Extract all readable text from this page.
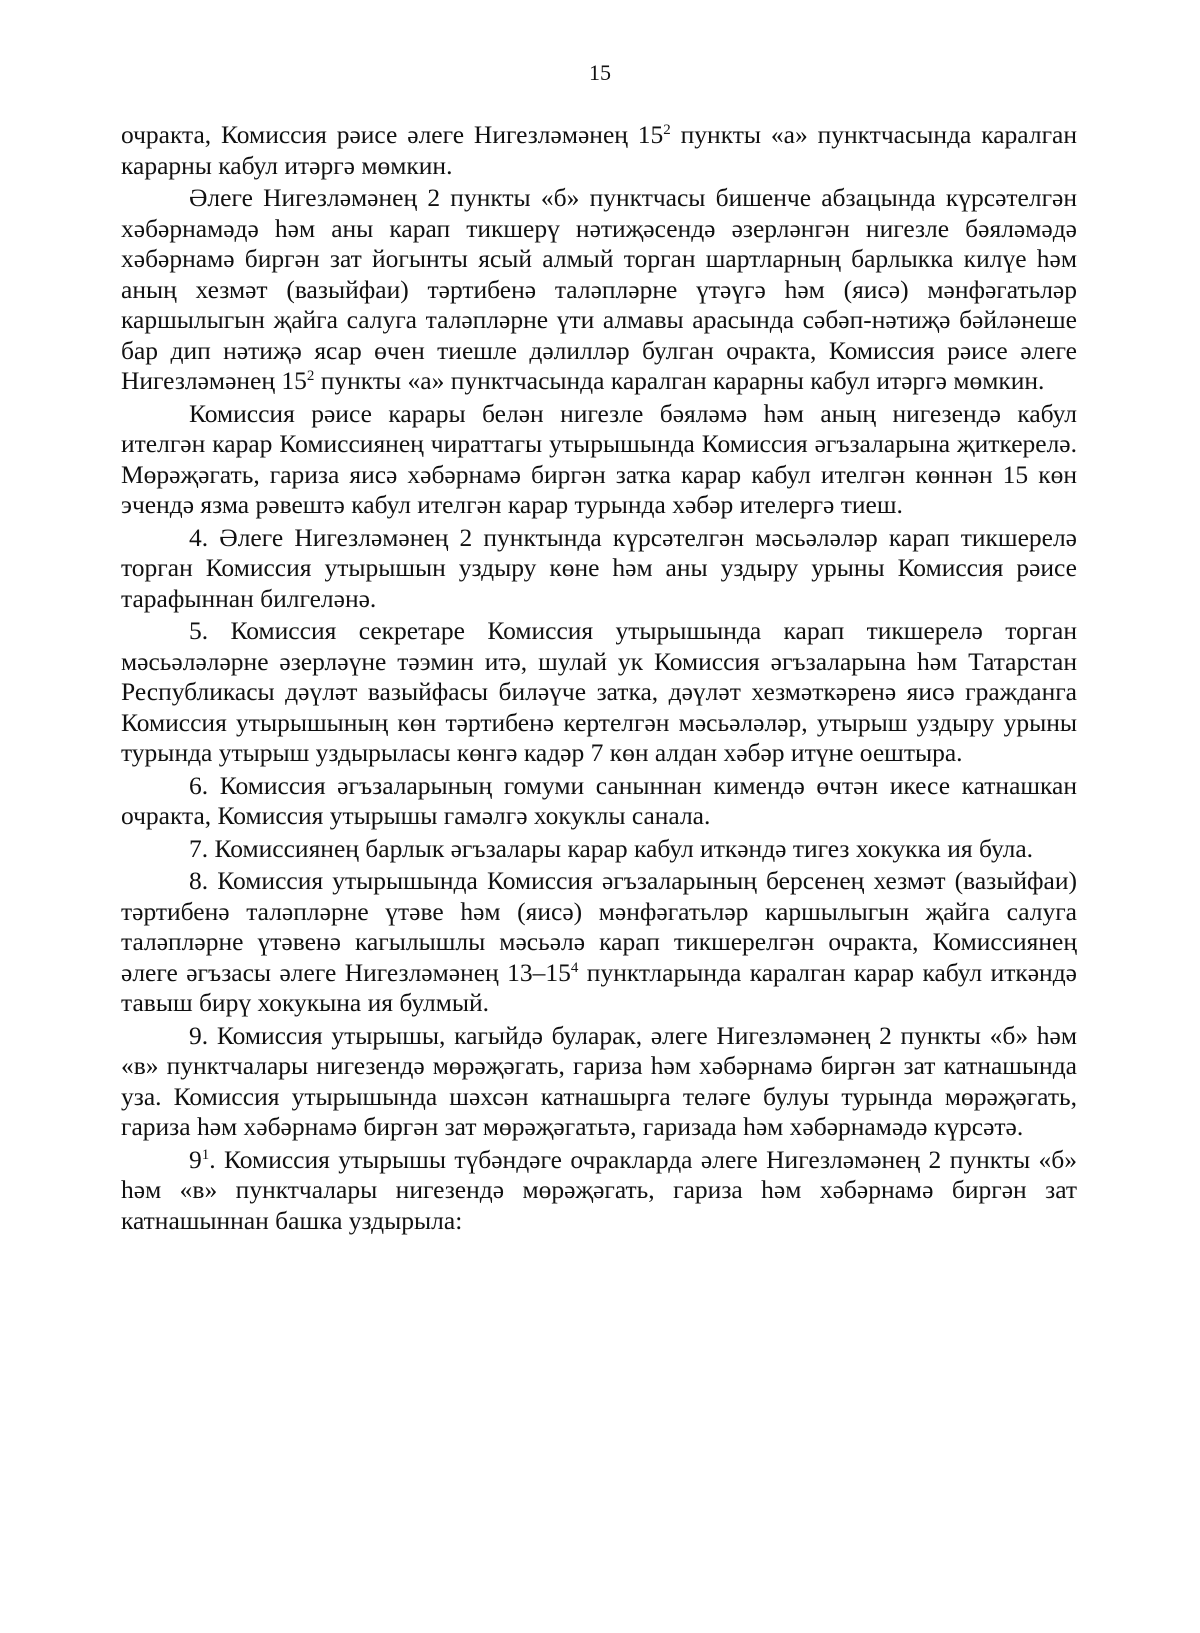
15

очракта, Комиссия рәисе әлеге Нигезләмәнең $15^2$ пункты «а» пунктчасында каралган карарны кабул итәргә мөмкин.

Әлеге Нигезләмәнең 2 пункты «б» пунктчасы бишенче абзацында күрсәтелгән хәбәрнамәдә һәм аны карап тикшерү нәтиҗәсендә әзерләнгән нигезле бәяләмәдә хәбәрнамә биргән зат йогынты ясый алмый торган шартларның барлыкка килүе һәм аның хезмәт (вазыйфаи) тәртибенә таләпләрне үтәүгә һәм (яисә) мәнфәгатьләр каршылыгын җайга салуга таләпләрне үти алмавы арасында сәбәп-нәтиҗә бәйләнеше бар дип нәтиҗә ясар өчен тиешле дәлилләр булган очракта, Комиссия рәисе әлеге Нигезләмәнең $15^2$ пункты «а» пунктчасында каралган карарны кабул итәргә мөмкин.

Комиссия рәисе карары белән нигезле бәяләмә һәм аның нигезендә кабул ителгән карар Комиссиянең чираттагы утырышында Комиссия әгъзаларына җиткерелә. Мөрәҗәгать, гариза яисә хәбәрнамә биргән затка карар кабул ителгән көннән 15 көн эчендә язма рәвештә кабул ителгән карар турында хәбәр ителергә тиеш.

4. Әлеге Нигезләмәнең 2 пунктында күрсәтелгән мәсьәләләр карап тикшерелә торган Комиссия утырышын уздыру көне һәм аны уздыру урыны Комиссия рәисе тарафыннан билгеләнә.

5. Комиссия секретаре Комиссия утырышында карап тикшерелә торган мәсьәләләрне әзерләүне тәэмин итә, шулай ук Комиссия әгъзаларына һәм Татарстан Республикасы дәүләт вазыйфасы биләүче затка, дәүләт хезмәткәренә яисә гражданга Комиссия утырышының көн тәртибенә кертелгән мәсьәләләр, утырыш уздыру урыны турында утырыш уздырыласы көнгә кадәр 7 көн алдан хәбәр итүне оештыра.

6. Комиссия әгъзаларының гомуми саныннан кимендә өчтән икесе катнашкан очракта, Комиссия утырышы гамәлгә хокуклы санала.

7. Комиссиянең барлык әгъзалары карар кабул иткәндә тигез хокукка ия була.

8. Комиссия утырышында Комиссия әгъзаларының берсенең хезмәт (вазыйфаи) тәртибенә таләпләрне үтәве һәм (яисә) мәнфәгатьләр каршылыгын җайга салуга таләпләрне үтәвенә кагылышлы мәсьәлә карап тикшерелгән очракта, Комиссиянең әлеге әгъзасы әлеге Нигезләмәнең $13-15^4$ пунктларында каралган карар кабул иткәндә тавыш бирү хокукына ия булмый.

9. Комиссия утырышы, кагыйдә буларак, әлеге Нигезләмәнең 2 пункты «б» һәм «в» пунктчалары нигезендә мөрәҗәгать, гариза һәм хәбәрнамә биргән зат катнашында уза. Комиссия утырышында шәхсән катнашырга теләге булуы турында мөрәҗәгать, гариза һәм хәбәрнамә биргән зат мөрәҗәгатьтә, гаризада һәм хәбәрнамәдә күрсәтә.

$9^1$. Комиссия утырышы түбәндәге очракларда әлеге Нигезләмәнең 2 пункты «б» һәм «в» пунктчалары нигезендә мөрәҗәгать, гариза һәм хәбәрнамә биргән зат катнашыннан башка уздырыла:
